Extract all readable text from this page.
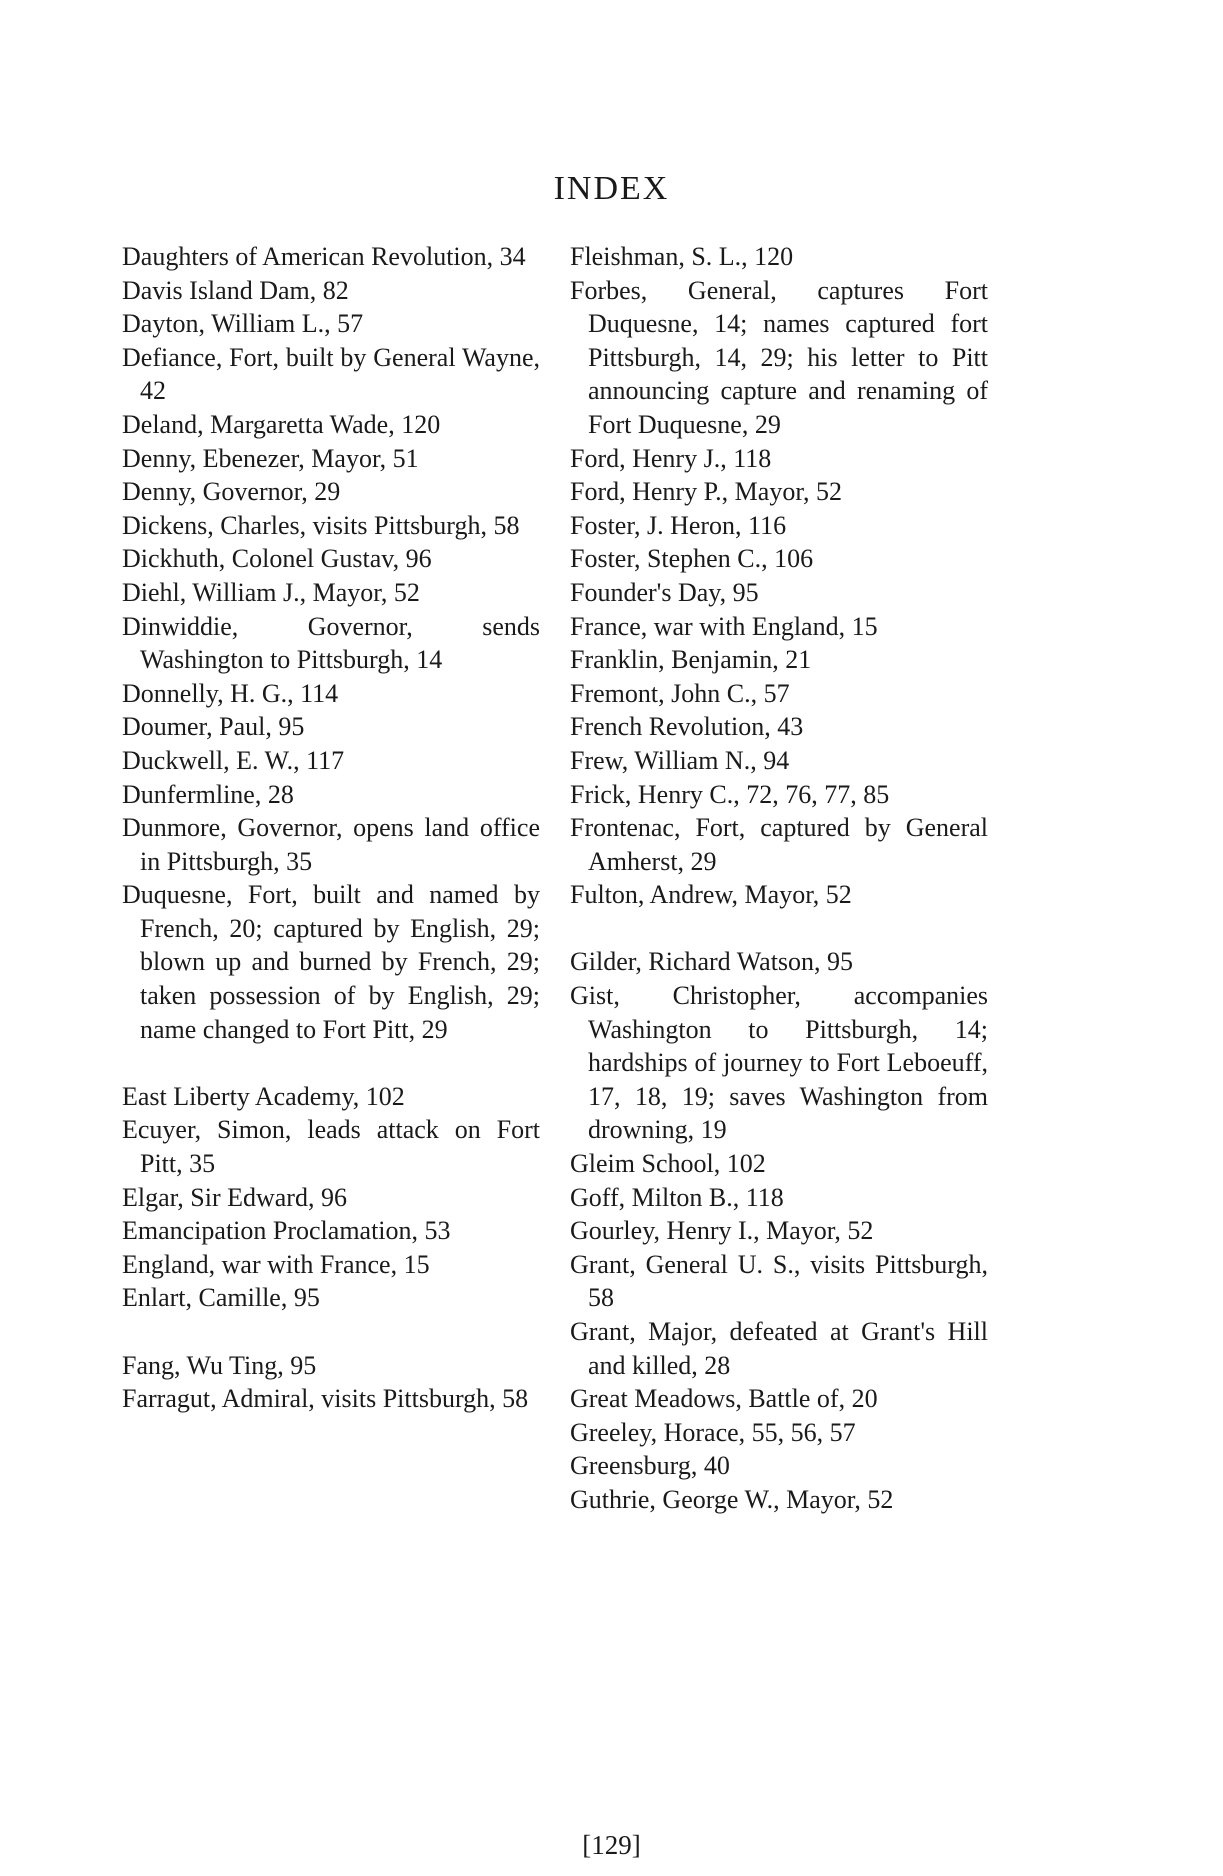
INDEX
Daughters of American Revolution, 34
Davis Island Dam, 82
Dayton, William L., 57
Defiance, Fort, built by General Wayne, 42
Deland, Margaretta Wade, 120
Denny, Ebenezer, Mayor, 51
Denny, Governor, 29
Dickens, Charles, visits Pittsburgh, 58
Dickhuth, Colonel Gustav, 96
Diehl, William J., Mayor, 52
Dinwiddie, Governor, sends Washington to Pittsburgh, 14
Donnelly, H. G., 114
Doumer, Paul, 95
Duckwell, E. W., 117
Dunfermline, 28
Dunmore, Governor, opens land office in Pittsburgh, 35
Duquesne, Fort, built and named by French, 20; captured by English, 29; blown up and burned by French, 29; taken possession of by English, 29; name changed to Fort Pitt, 29
East Liberty Academy, 102
Ecuyer, Simon, leads attack on Fort Pitt, 35
Elgar, Sir Edward, 96
Emancipation Proclamation, 53
England, war with France, 15
Enlart, Camille, 95
Fang, Wu Ting, 95
Farragut, Admiral, visits Pittsburgh, 58
Fleishman, S. L., 120
Forbes, General, captures Fort Duquesne, 14; names captured fort Pittsburgh, 14, 29; his letter to Pitt announcing capture and renaming of Fort Duquesne, 29
Ford, Henry J., 118
Ford, Henry P., Mayor, 52
Foster, J. Heron, 116
Foster, Stephen C., 106
Founder's Day, 95
France, war with England, 15
Franklin, Benjamin, 21
Fremont, John C., 57
French Revolution, 43
Frew, William N., 94
Frick, Henry C., 72, 76, 77, 85
Frontenac, Fort, captured by General Amherst, 29
Fulton, Andrew, Mayor, 52
Gilder, Richard Watson, 95
Gist, Christopher, accompanies Washington to Pittsburgh, 14; hardships of journey to Fort Leboeuff, 17, 18, 19; saves Washington from drowning, 19
Gleim School, 102
Goff, Milton B., 118
Gourley, Henry I., Mayor, 52
Grant, General U. S., visits Pittsburgh, 58
Grant, Major, defeated at Grant's Hill and killed, 28
Great Meadows, Battle of, 20
Greeley, Horace, 55, 56, 57
Greensburg, 40
Guthrie, George W., Mayor, 52
[129]
